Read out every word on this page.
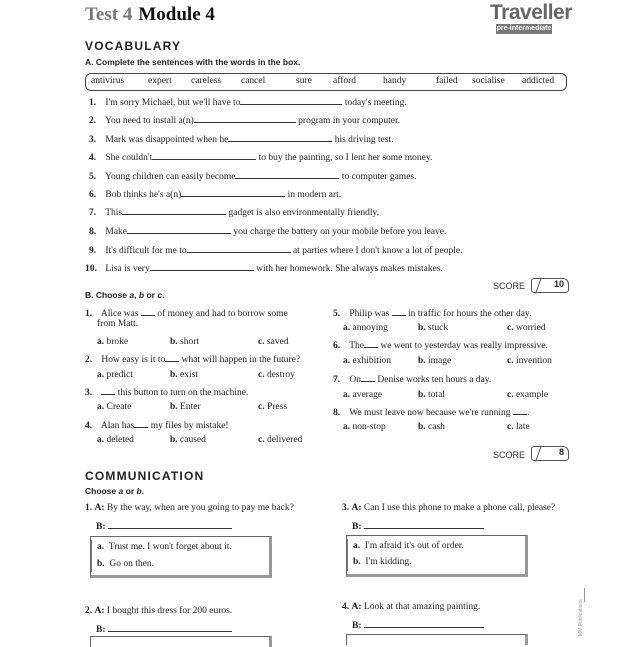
Test 4 Module 4	Traveller
pre-intermediate
VOCABULARY
A. Complete the sentences with the words in the box.
antivirus	expert careless cancel	sure afford	handy	failed socialise addicted
1. I'm sorry Michael, but we'll have to	today's meeting.
2. You need to install a(n)	program in your computer.
3. Mark was disappointed when he	his driving test.
4. She couldn't	to buy the painting, so I lent her some money.
5. Young children can easily become	to computer games.
6. Bob thinks he's a(n)	in modern art.
7. This	gadget is also environmentally friendly.
8. Make	you charge the battery on your mobile before you leave.
9. It's difficult for me to	at parties where I don't know a lot of people.
10. Lisa is very	with her homework. She always makes mistakes.
SCORE	10
B. Choose a, b or c.
1. Alice was of money and had to borrow some
from Matt.
a. broke	b. short	c. saved
2. How easy is it to what will happen in the future?
a. predict	b. exist	c. destroy
3.	this button to turn on the machine.
a. Create	b. Enter	c. Press
4. Alan has my files by mistake!
a. deleted	b. caused	c. delivered
5. Philip was in traffic for hours the other day.
a. annoying	b. stuck	c. worried
6. The we went to yesterday was really impressive.
a. exhibition	b. image	c. invention
7. On Denise works ten hours a day.
a. average	b. total	c. example
8. We must leave now because we're running .
a. non-stop	b. cash	c. late
SCORE	8
COMMUNICATION
Choose a or b.
1. A: By the way, when are you going to pay me back?
B:
a. Trust me. I won't forget about it.
b. Go on then.
3. A: Can I use this phone to make a phone call, please?
B:
a. I'm afraid it's out of order.
b. I'm kidding.
2. A: I bought this dress for 200 euros.
B:
4. A: Look at that amazing painting.
B:	MM Publications
